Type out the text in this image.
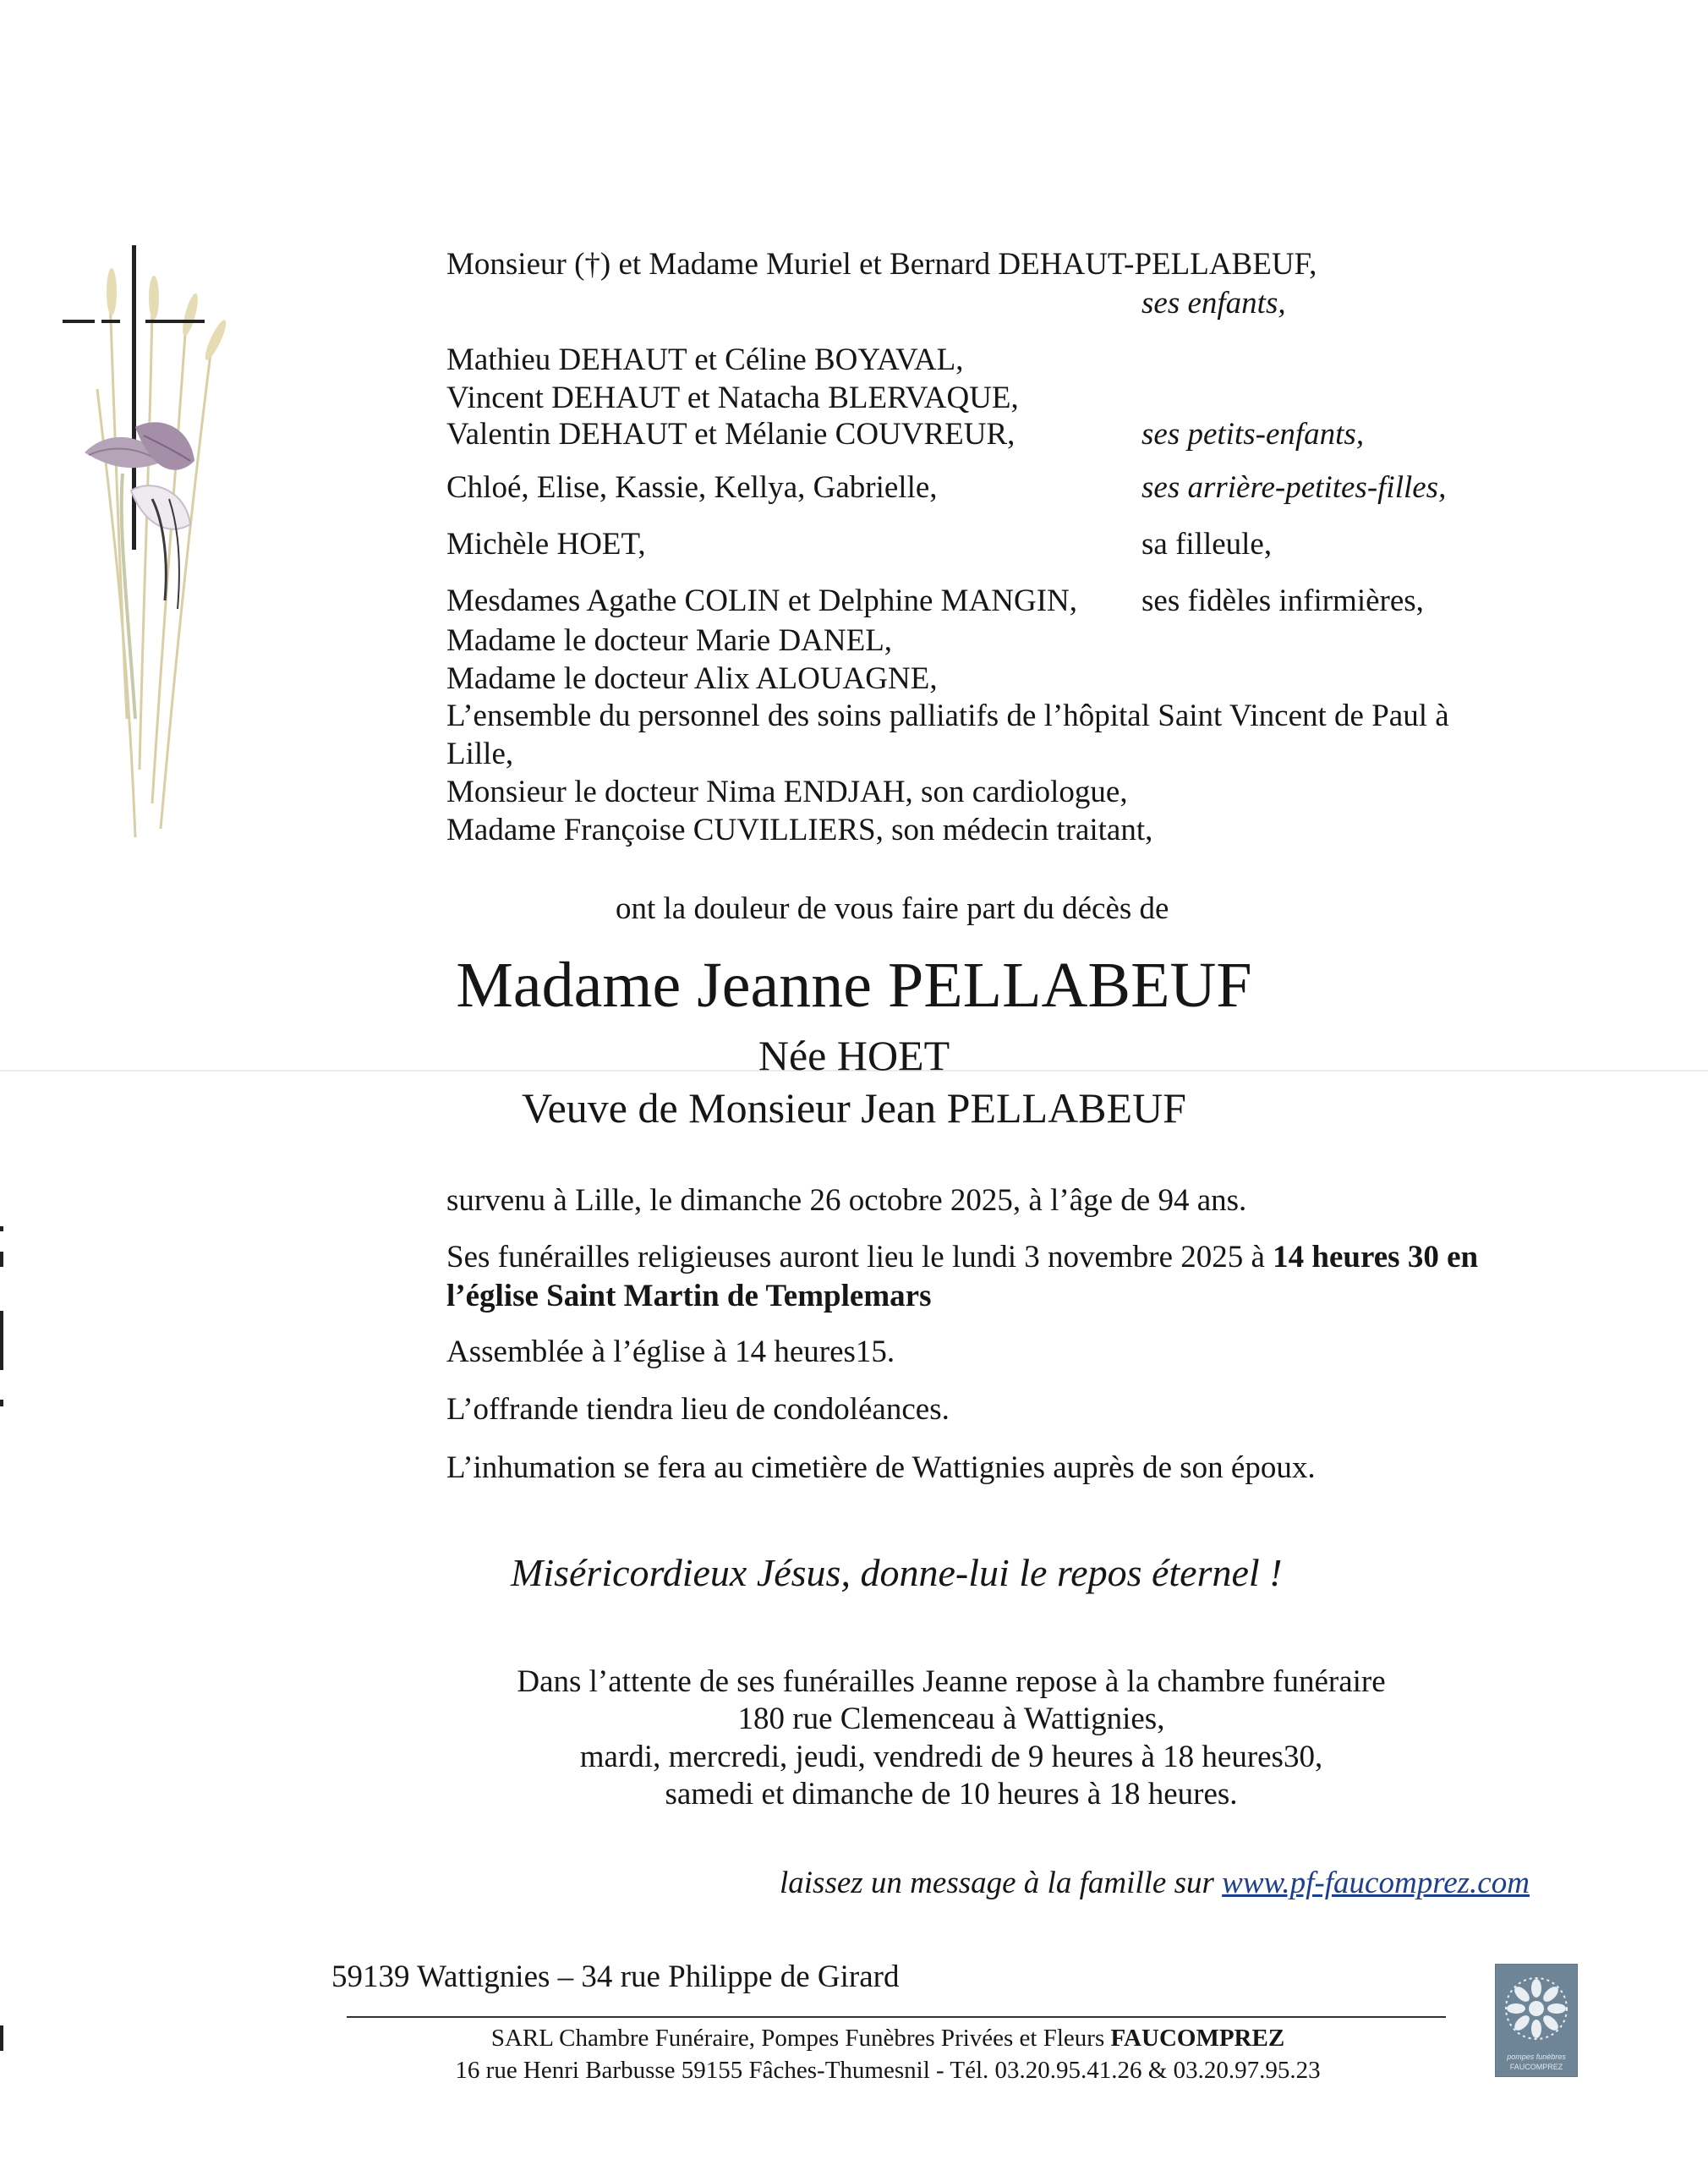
Monsieur (†) et Madame Muriel et Bernard DEHAUT-PELLABEUF,
ses enfants,
Mathieu DEHAUT et Céline BOYAVAL,
Vincent DEHAUT et Natacha BLERVAQUE,
Valentin DEHAUT et Mélanie COUVREUR,	ses petits-enfants,
Chloé, Elise, Kassie, Kellya, Gabrielle,	ses arrière-petites-filles,
Michèle HOET,	sa filleule,
Mesdames Agathe COLIN et Delphine MANGIN, ses fidèles infirmières,
Madame le docteur Marie DANEL,
Madame le docteur Alix ALOUAGNE,
L’ensemble du personnel des soins palliatifs de l’hôpital Saint Vincent de Paul à
Lille,
Monsieur le docteur Nima ENDJAH, son cardiologue,
Madame Françoise CUVILLIERS, son médecin traitant,
ont la douleur de vous faire part du décès de
Madame Jeanne PELLABEUF
Née HOET
Veuve de Monsieur Jean PELLABEUF
survenu à Lille, le dimanche 26 octobre 2025, à l’âge de 94 ans.
Ses funérailles religieuses auront lieu le lundi 3 novembre 2025 à 14 heures 30 en
l’église Saint Martin de Templemars
Assemblée à l’église à 14 heures15.
L’offrande tiendra lieu de condoléances.
L’inhumation se fera au cimetière de Wattignies auprès de son époux.
Miséricordieux Jésus, donne-lui le repos éternel !
Dans l’attente de ses funérailles Jeanne repose à la chambre funéraire
180 rue Clemenceau à Wattignies,
mardi, mercredi, jeudi, vendredi de 9 heures à 18 heures30,
samedi et dimanche de 10 heures à 18 heures.
laissez un message à la famille sur www.pf-faucomprez.com
59139 Wattignies – 34 rue Philippe de Girard
SARL Chambre Funéraire, Pompes Funèbres Privées et Fleurs FAUCOMPREZ
16 rue Henri Barbusse 59155 Fâches-Thumesnil - Tél. 03.20.95.41.26 & 03.20.97.95.23	pompes funèbres
FAUCOMPREZ
